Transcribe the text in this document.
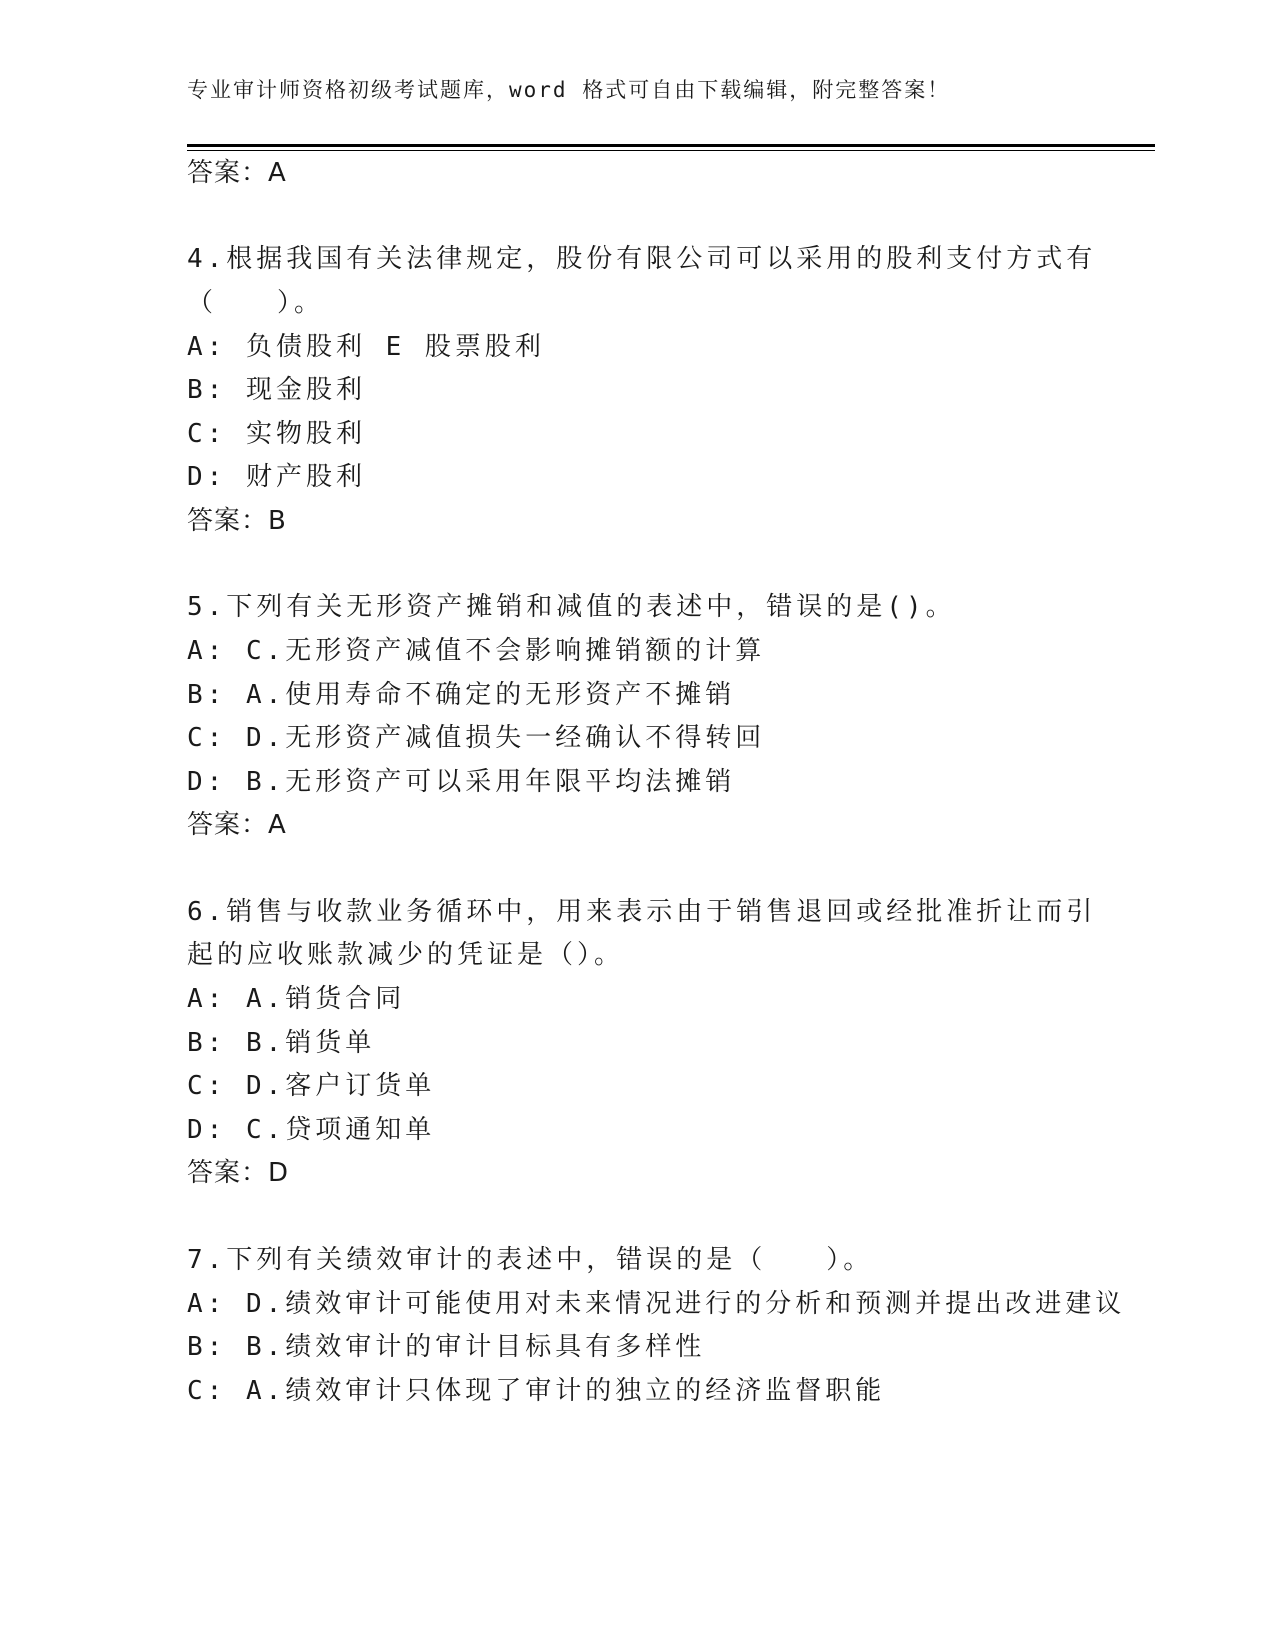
专业审计师资格初级考试题库，word 格式可自由下载编辑，附完整答案！
答案：A
4.根据我国有关法律规定，股份有限公司可以采用的股利支付方式有
（　　）。
A: 负债股利 E 股票股利
B: 现金股利
C: 实物股利
D: 财产股利
答案：B
5.下列有关无形资产摊销和减值的表述中，错误的是()。
A: C.无形资产减值不会影响摊销额的计算
B: A.使用寿命不确定的无形资产不摊销
C: D.无形资产减值损失一经确认不得转回
D: B.无形资产可以采用年限平均法摊销
答案：A
6.销售与收款业务循环中，用来表示由于销售退回或经批准折让而引
起的应收账款减少的凭证是（）。
A: A.销货合同
B: B.销货单
C: D.客户订货单
D: C.贷项通知单
答案：D
7.下列有关绩效审计的表述中，错误的是（　　）。
A: D.绩效审计可能使用对未来情况进行的分析和预测并提出改进建议
B: B.绩效审计的审计目标具有多样性
C: A.绩效审计只体现了审计的独立的经济监督职能
